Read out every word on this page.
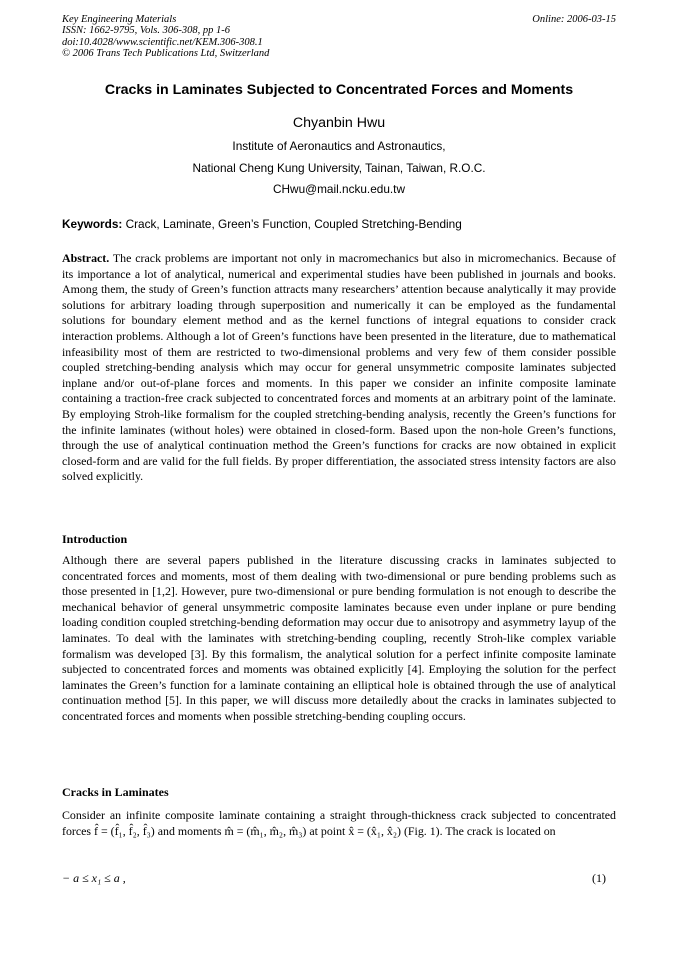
Key Engineering Materials
ISSN: 1662-9795, Vols. 306-308, pp 1-6
doi:10.4028/www.scientific.net/KEM.306-308.1
© 2006 Trans Tech Publications Ltd, Switzerland
Online: 2006-03-15
Cracks in Laminates Subjected to Concentrated Forces and Moments
Chyanbin Hwu
Institute of Aeronautics and Astronautics,
National Cheng Kung University, Tainan, Taiwan, R.O.C.
CHwu@mail.ncku.edu.tw
Keywords: Crack, Laminate, Green’s Function, Coupled Stretching-Bending
Abstract. The crack problems are important not only in macromechanics but also in micromechanics. Because of its importance a lot of analytical, numerical and experimental studies have been published in journals and books. Among them, the study of Green’s function attracts many researchers’ attention because analytically it may provide solutions for arbitrary loading through superposition and numerically it can be employed as the fundamental solutions for boundary element method and as the kernel functions of integral equations to consider crack interaction problems. Although a lot of Green’s functions have been presented in the literature, due to mathematical infeasibility most of them are restricted to two-dimensional problems and very few of them consider possible coupled stretching-bending analysis which may occur for general unsymmetric composite laminates subjected inplane and/or out-of-plane forces and moments. In this paper we consider an infinite composite laminate containing a traction-free crack subjected to concentrated forces and moments at an arbitrary point of the laminate. By employing Stroh-like formalism for the coupled stretching-bending analysis, recently the Green’s functions for the infinite laminates (without holes) were obtained in closed-form. Based upon the non-hole Green’s functions, through the use of analytical continuation method the Green’s functions for cracks are now obtained in explicit closed-form and are valid for the full fields. By proper differentiation, the associated stress intensity factors are also solved explicitly.
Introduction
Although there are several papers published in the literature discussing cracks in laminates subjected to concentrated forces and moments, most of them dealing with two-dimensional or pure bending problems such as those presented in [1,2]. However, pure two-dimensional or pure bending formulation is not enough to describe the mechanical behavior of general unsymmetric composite laminates because even under inplane or pure bending loading condition coupled stretching-bending deformation may occur due to anisotropy and asymmetry layup of the laminates. To deal with the laminates with stretching-bending coupling, recently Stroh-like complex variable formalism was developed [3]. By this formalism, the analytical solution for a perfect infinite composite laminate subjected to concentrated forces and moments was obtained explicitly [4]. Employing the solution for the perfect laminates the Green’s function for a laminate containing an elliptical hole is obtained through the use of analytical continuation method [5]. In this paper, we will discuss more detailedly about the cracks in laminates subjected to concentrated forces and moments when possible stretching-bending coupling occurs.
Cracks in Laminates
Consider an infinite composite laminate containing a straight through-thickness crack subjected to concentrated forces f̂ = (f̂₁, f̂₂, f̂₃) and moments m̂ = (m̂₁, m̂₂, m̂₃) at point x̂ = (x̂₁, x̂₂) (Fig. 1). The crack is located on
− a ≤ x₁ ≤ a ,	(1)
